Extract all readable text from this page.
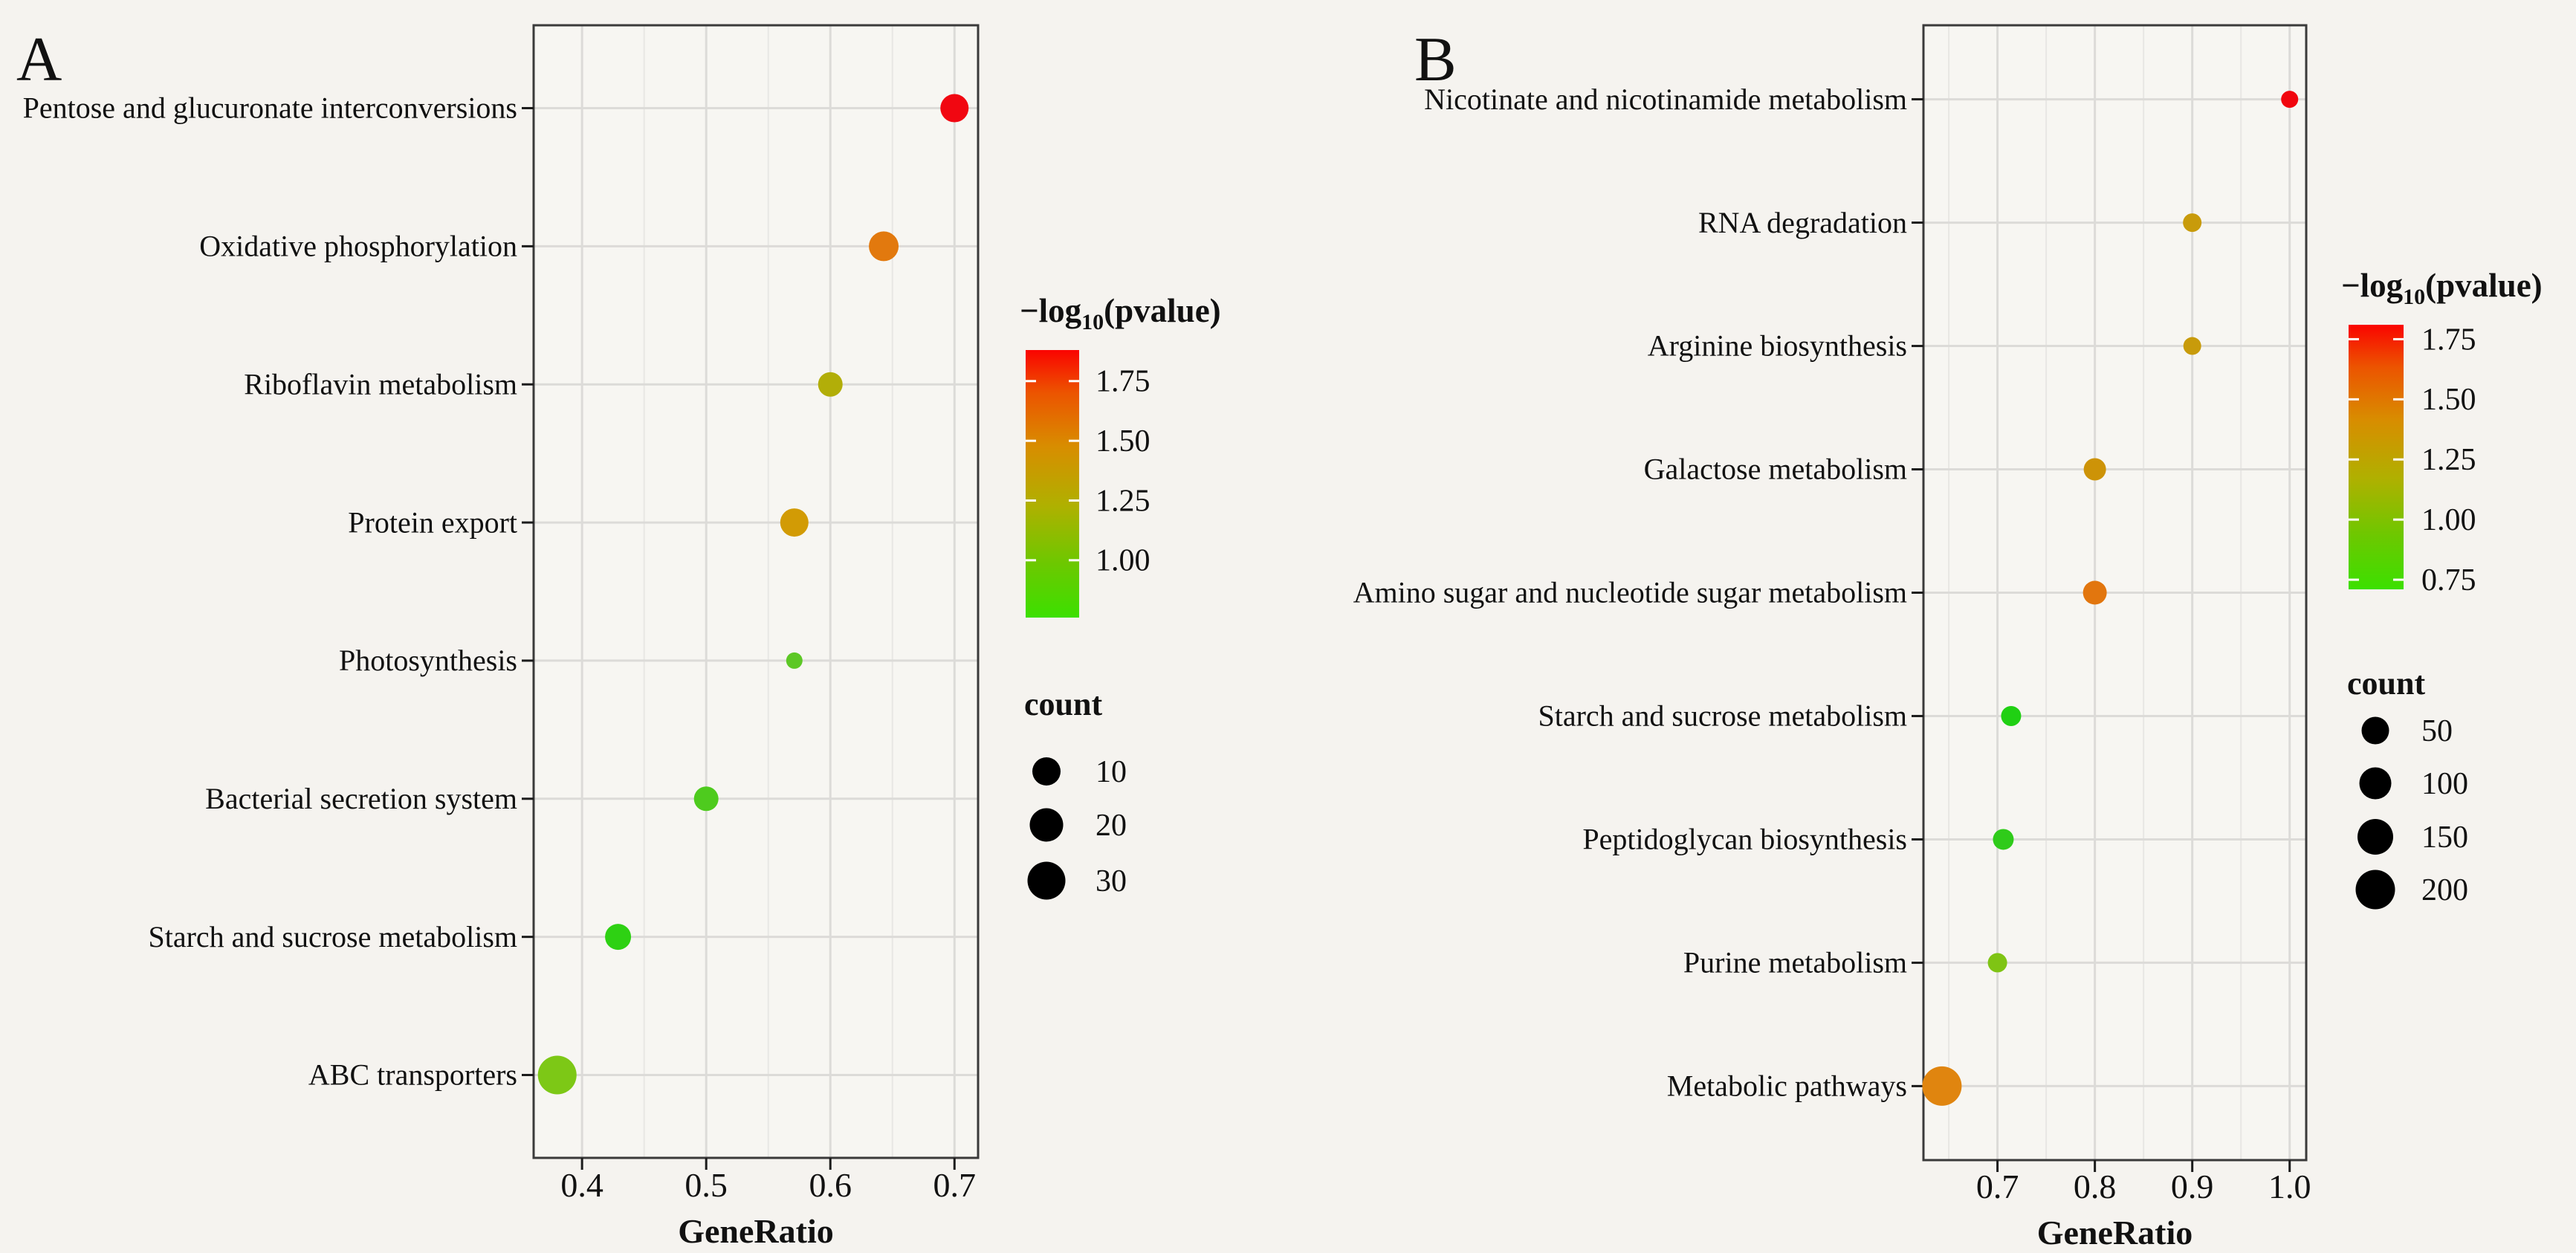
0.4 0.5 0.6 0.7
Pentose and glucuronate interconversions
Oxidative phosphorylation
Riboflavin metabolism
Protein export
Photosynthesis
Bacterial secretion system
Starch and sucrose metabolism
ABC transporters
GeneRatio
A
1.75
1.50
1.25
1.00
count
10
20
30
0.7 0.8 0.9 1.0
Nicotinate and nicotinamide metabolism
RNA degradation
Arginine biosynthesis
Galactose metabolism
Amino sugar and nucleotide sugar metabolism
Starch and sucrose metabolism
Peptidoglycan biosynthesis
Purine metabolism
Metabolic pathways
GeneRatio
B
1.75
1.50
1.25
1.00
0.75
count
50
100
150
200
$-\log_{10}(pvalue)$
$-\log_{10}(pvalue)$
